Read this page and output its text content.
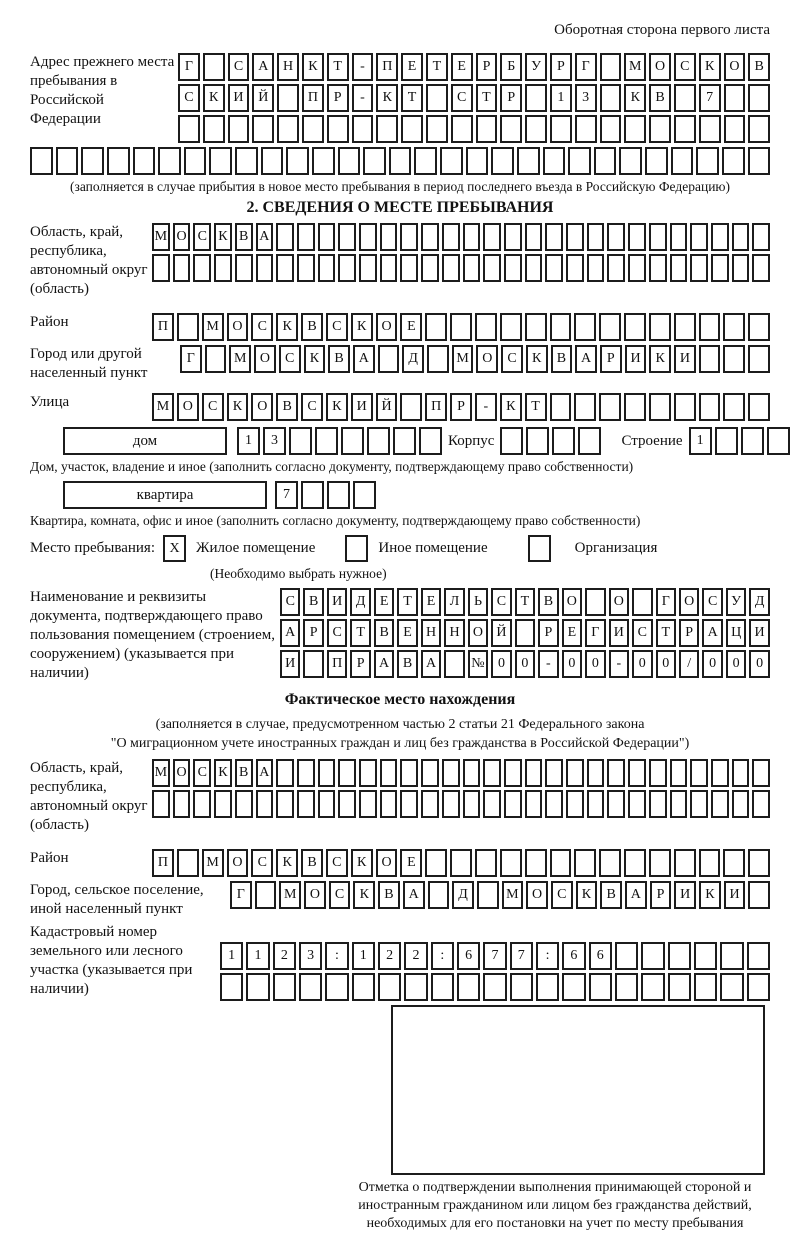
Оборотная сторона первого листа
Адрес прежнего места пребывания в Российской Федерации
Г	С	А	Н	К	Т	-	П	Е	Т	Е	Р	Б	У	Р	Г	М О	С	К	О	В
С	К	И	Й	П	Р	-	К	Т	С	Т	Р	1	3	К	В	7
(заполняется в случае прибытия в новое место пребывания в период последнего въезда в Российскую Федерацию)
2. СВЕДЕНИЯ О МЕСТЕ ПРЕБЫВАНИЯ
Область, край, республика, автономный округ (область)
М О С К В А
Район	П	М О	С	К	В	С	К	О	Е
Город или другой населенный пункт
Г	М О	С	К	В	А	Д	М О	С	К	В	А	Р	И	К	И
Улица	М О	С	К	О	В	С	К	И	Й	П	Р	-	К	Т
дом	1	3	Корпус	Строение	1
Дом, участок, владение и иное (заполнить согласно документу, подтверждающему право собственности)
квартира	7
Квартира, комната, офис и иное (заполнить согласно документу, подтверждающему право собственности)
Место пребывания:	X	Жилое помещение	Иное помещение	Организация
(Необходимо выбрать нужное)
Наименование и реквизиты документа, подтверждающего право пользования помещением (строением, сооружением) (указывается при наличии)
С	В И Д	Е	Т	Е	Л	Ь	С	Т	В О	О	Г	О С У Д
А	Р	С	Т	В	Е	Н Н О Й	Р	Е	Г	И С	Т	Р	А Ц И
И	П	Р	А В А	№ 0	0	-	0	0	-	0	0	/	0	0	0
Фактическое место нахождения
(заполняется в случае, предусмотренном частью 2 статьи 21 Федерального закона
"О миграционном учете иностранных граждан и лиц без гражданства в Российской Федерации")
Область, край, республика, автономный округ (область)
М О С К В А
Район	П	М О	С	К	В	С	К	О	Е
Город, сельское поселение, иной населенный пункт
Г	М О	С	К	В	А	Д	М О	С	К	В	А	Р	И	К	И
Кадастровый номер земельного или лесного участка (указывается при наличии)
1	1	2	3	:	1	2	2	:	6	7	7	:	6	6
Отметка о подтверждении выполнения принимающей стороной и иностранным гражданином или лицом без гражданства действий, необходимых для его постановки на учет по месту пребывания
